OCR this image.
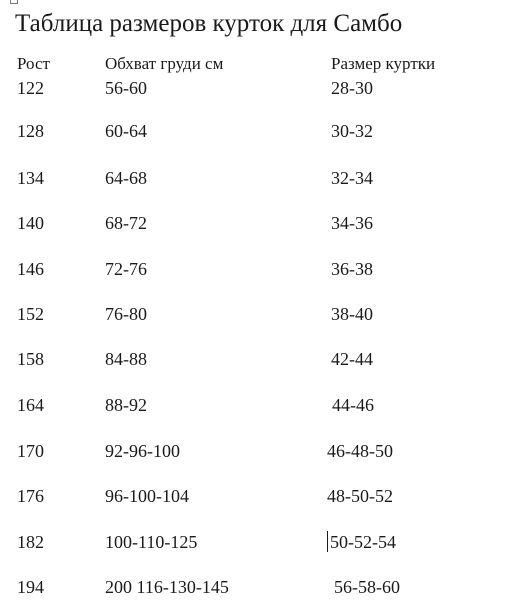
Таблица размеров курток для Самбо
Рост	Обхват груди см	Размер куртки
122	56-60	28-30
128	60-64	30-32
134	64-68	32-34
140	68-72	34-36
146	72-76	36-38
152	76-80	38-40
158	84-88	42-44
164	88-92	44-46
170	92-96-100	46-48-50
176	96-100-104	48-50-52
182	100-110-125	50-52-54
194	200 116-130-145	56-58-60
